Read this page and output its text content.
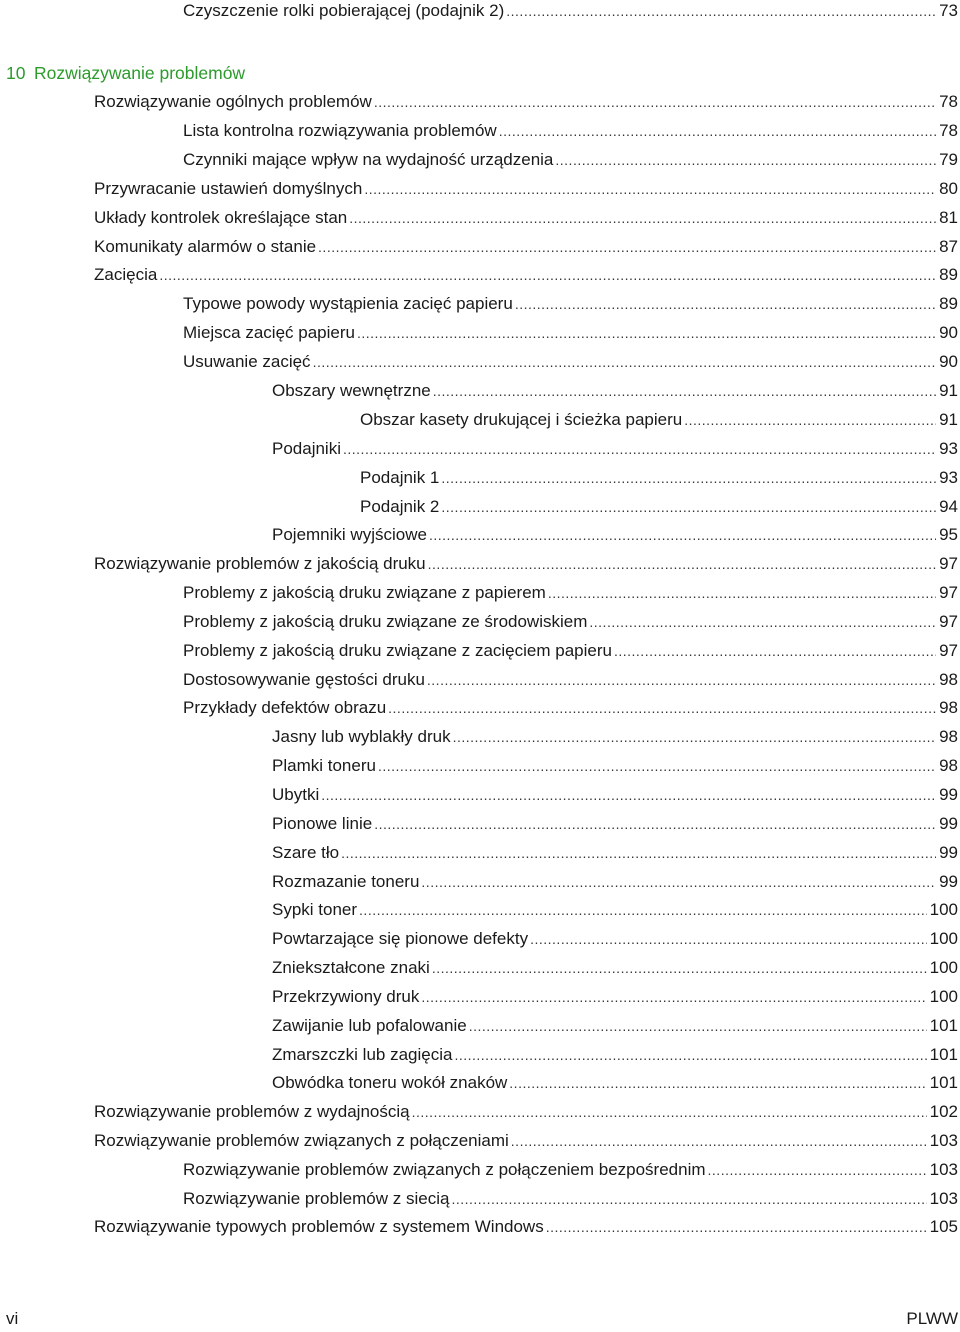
Czyszczenie rolki pobierającej (podajnik 2) .....	73
10 Rozwiązywanie problemów
Rozwiązywanie ogólnych problemów .....	78
Lista kontrolna rozwiązywania problemów .....	78
Czynniki mające wpływ na wydajność urządzenia .....	79
Przywracanie ustawień domyślnych .....	80
Układy kontrolek określające stan .....	81
Komunikaty alarmów o stanie .....	87
Zacięcia .....	89
Typowe powody wystąpienia zacięć papieru .....	89
Miejsca zacięć papieru .....	90
Usuwanie zacięć .....	90
Obszary wewnętrzne .....	91
Obszar kasety drukującej i ścieżka papieru .....	91
Podajniki .....	93
Podajnik 1 .....	93
Podajnik 2 .....	94
Pojemniki wyjściowe .....	95
Rozwiązywanie problemów z jakością druku .....	97
Problemy z jakością druku związane z papierem .....	97
Problemy z jakością druku związane ze środowiskiem .....	97
Problemy z jakością druku związane z zacięciem papieru .....	97
Dostosowywanie gęstości druku .....	98
Przykłady defektów obrazu .....	98
Jasny lub wyblakły druk .....	98
Plamki toneru .....	98
Ubytki .....	99
Pionowe linie .....	99
Szare tło .....	99
Rozmazanie toneru .....	99
Sypki toner .....	100
Powtarzające się pionowe defekty .....	100
Zniekształcone znaki .....	100
Przekrzywiony druk .....	100
Zawijanie lub pofalowanie .....	101
Zmarszczki lub zagięcia .....	101
Obwódka toneru wokół znaków .....	101
Rozwiązywanie problemów z wydajnością .....	102
Rozwiązywanie problemów związanych z połączeniami .....	103
Rozwiązywanie problemów związanych z połączeniem bezpośrednim .....	103
Rozwiązywanie problemów z siecią .....	103
Rozwiązywanie typowych problemów z systemem Windows .....	105
vi	PLWW
